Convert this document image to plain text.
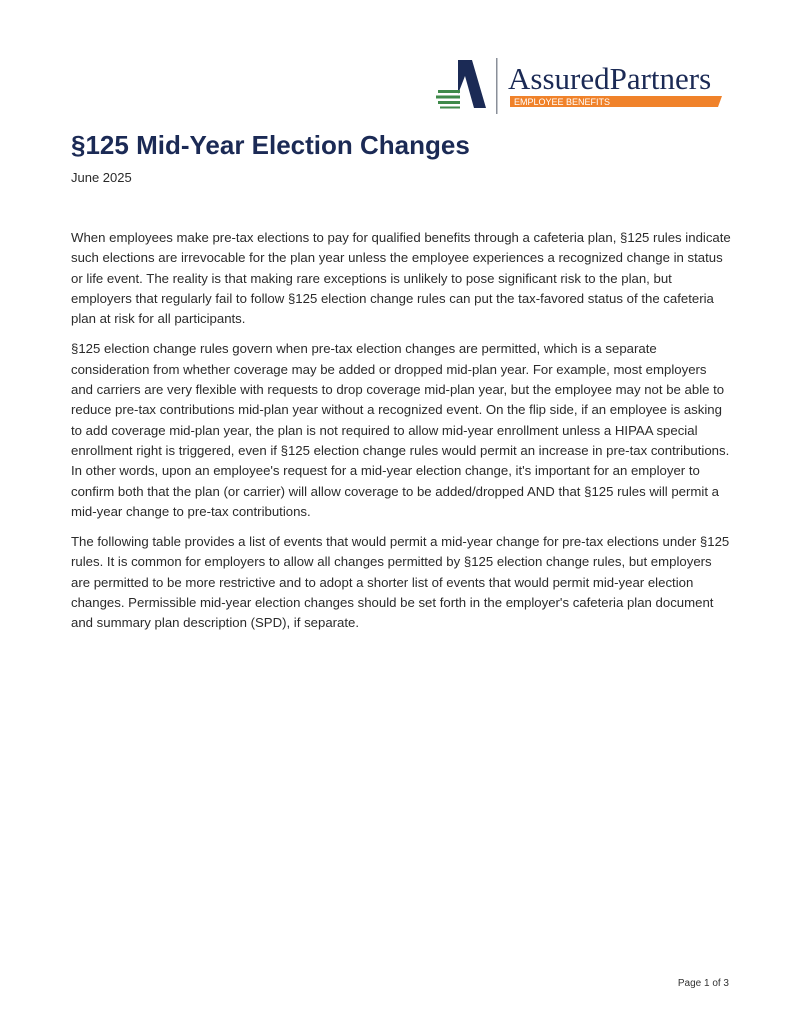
AssuredPartners
EMPLOYEE BENEFITS
§125 Mid-Year Election Changes
June 2025

When employees make pre-tax elections to pay for qualified benefits through a cafeteria plan, §125 rules indicate such elections are irrevocable for the plan year unless the employee experiences a recognized change in status or life event. The reality is that making rare exceptions is unlikely to pose significant risk to the plan, but employers that regularly fail to follow §125 election change rules can put the tax-favored status of the cafeteria plan at risk for all participants.

§125 election change rules govern when pre-tax election changes are permitted, which is a separate consideration from whether coverage may be added or dropped mid-plan year. For example, most employers and carriers are very flexible with requests to drop coverage mid-plan year, but the employee may not be able to reduce pre-tax contributions mid-plan year without a recognized event. On the flip side, if an employee is asking to add coverage mid-plan year, the plan is not required to allow mid-year enrollment unless a HIPAA special enrollment right is triggered, even if §125 election change rules would permit an increase in pre-tax contributions. In other words, upon an employee's request for a mid-year election change, it's important for an employer to confirm both that the plan (or carrier) will allow coverage to be added/dropped AND that §125 rules will permit a mid-year change to pre-tax contributions.

The following table provides a list of events that would permit a mid-year change for pre-tax elections under §125 rules. It is common for employers to allow all changes permitted by §125 election change rules, but employers are permitted to be more restrictive and to adopt a shorter list of events that would permit mid-year election changes. Permissible mid-year election changes should be set forth in the employer's cafeteria plan document and summary plan description (SPD), if separate.

Page 1 of 3
